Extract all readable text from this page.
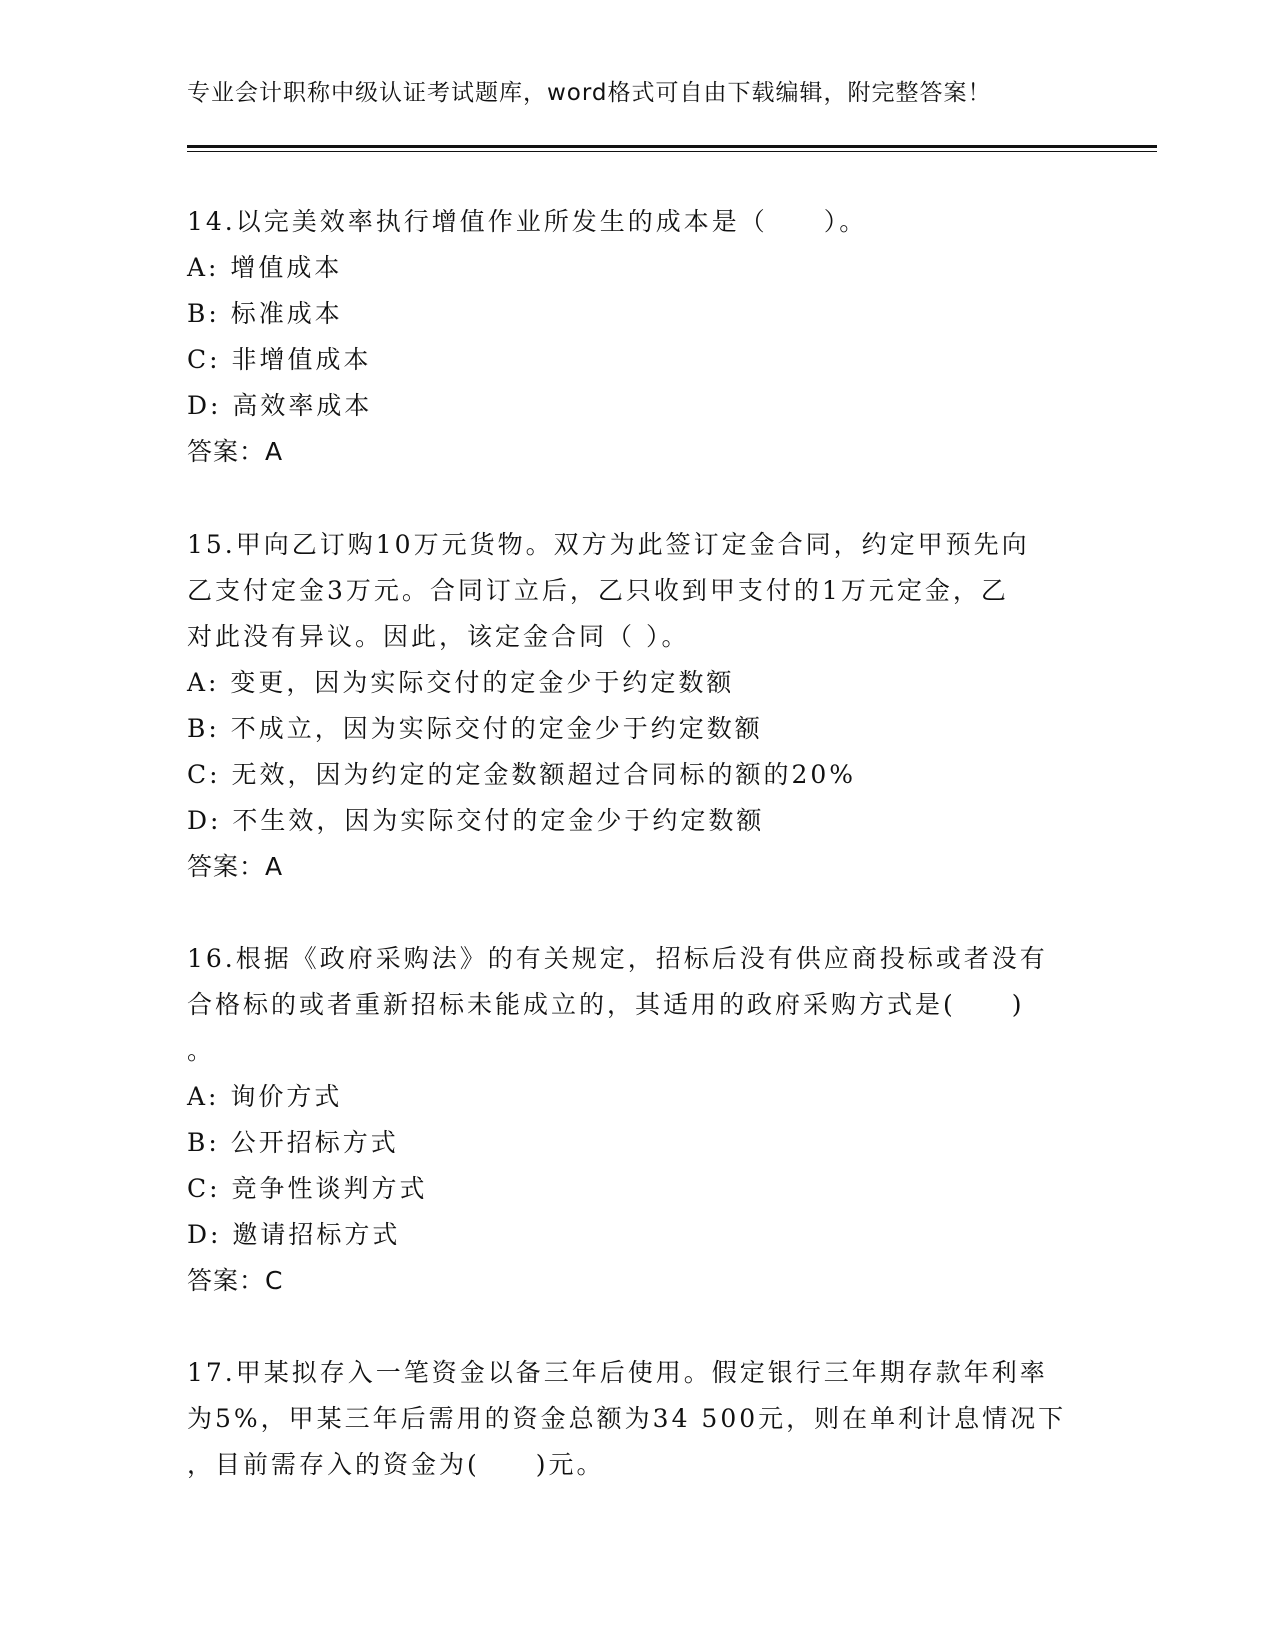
专业会计职称中级认证考试题库，word格式可自由下载编辑，附完整答案！
14.以完美效率执行增值作业所发生的成本是（　　）。
A: 增值成本
B: 标准成本
C: 非增值成本
D: 高效率成本
答案：A
15.甲向乙订购10万元货物。双方为此签订定金合同，约定甲预先向
乙支付定金3万元。合同订立后，乙只收到甲支付的1万元定金，乙
对此没有异议。因此，该定金合同（ ）。
A: 变更，因为实际交付的定金少于约定数额
B: 不成立，因为实际交付的定金少于约定数额
C: 无效，因为约定的定金数额超过合同标的额的20%
D: 不生效，因为实际交付的定金少于约定数额
答案：A
16.根据《政府采购法》的有关规定，招标后没有供应商投标或者没有
合格标的或者重新招标未能成立的，其适用的政府采购方式是(　　)
。
A: 询价方式
B: 公开招标方式
C: 竞争性谈判方式
D: 邀请招标方式
答案：C
17.甲某拟存入一笔资金以备三年后使用。假定银行三年期存款年利率
为5%，甲某三年后需用的资金总额为34 500元，则在单利计息情况下
，目前需存入的资金为(　　)元。
